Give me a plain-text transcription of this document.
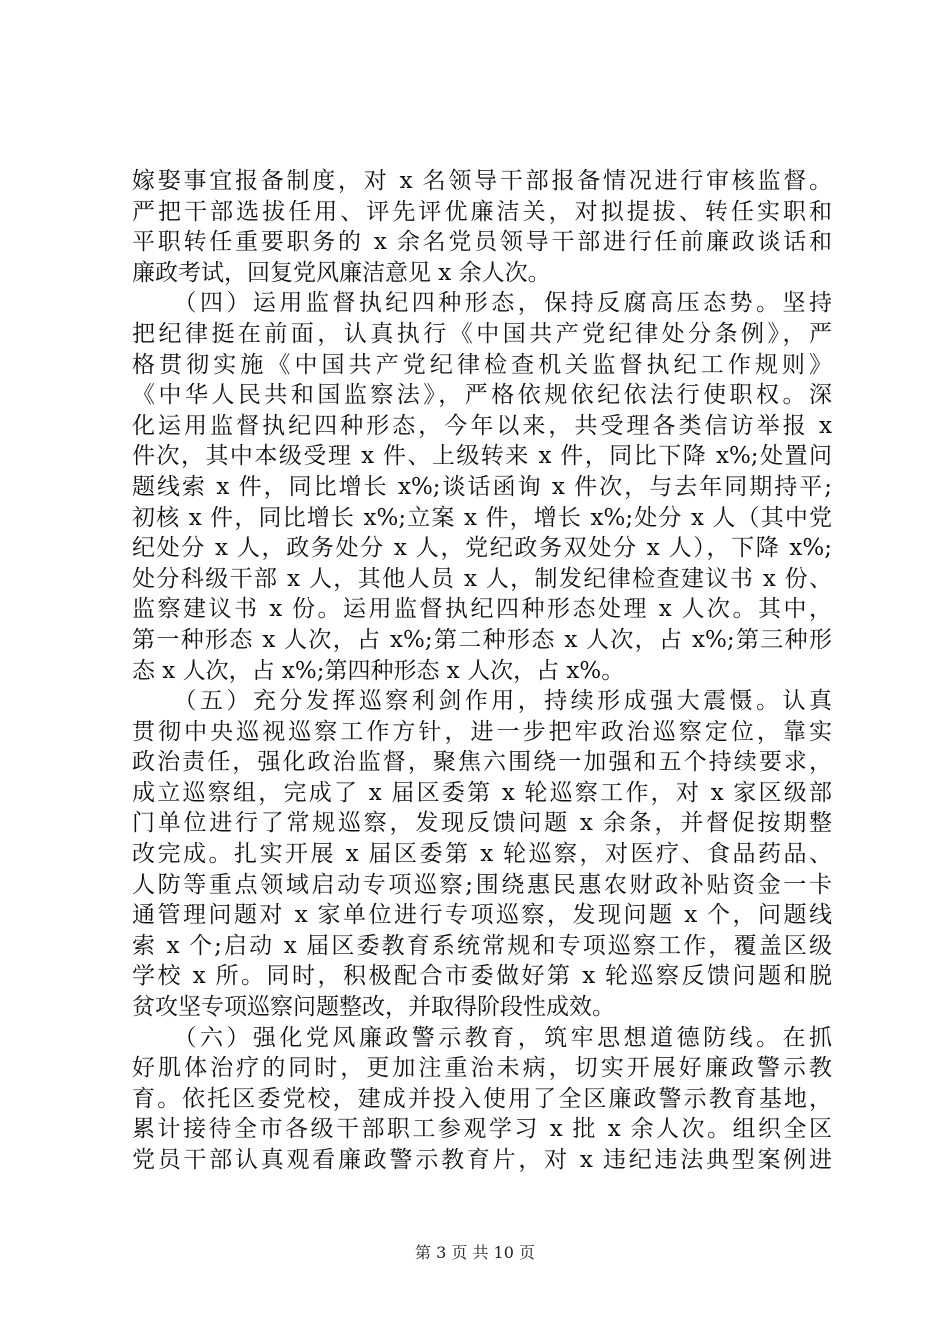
嫁娶事宜报备制度，对 x 名领导干部报备情况进行审核监督。
严把干部选拔任用、评先评优廉洁关，对拟提拔、转任实职和
平职转任重要职务的 x 余名党员领导干部进行任前廉政谈话和
廉政考试，回复党风廉洁意见 x 余人次。
　　（四）运用监督执纪四种形态，保持反腐高压态势。坚持
把纪律挺在前面，认真执行《中国共产党纪律处分条例》，严
格贯彻实施《中国共产党纪律检查机关监督执纪工作规则》
《中华人民共和国监察法》，严格依规依纪依法行使职权。深
化运用监督执纪四种形态，今年以来，共受理各类信访举报 x
件次，其中本级受理 x 件、上级转来 x 件，同比下降 x%;处置问
题线索 x 件，同比增长 x%;谈话函询 x 件次，与去年同期持平;
初核 x 件，同比增长 x%;立案 x 件，增长 x%;处分 x 人（其中党
纪处分 x 人，政务处分 x 人，党纪政务双处分 x 人），下降 x%;
处分科级干部 x 人，其他人员 x 人，制发纪律检查建议书 x 份、
监察建议书 x 份。运用监督执纪四种形态处理 x 人次。其中，
第一种形态 x 人次，占 x%;第二种形态 x 人次，占 x%;第三种形
态 x 人次，占 x%;第四种形态 x 人次，占 x%。
　　（五）充分发挥巡察利剑作用，持续形成强大震慑。认真
贯彻中央巡视巡察工作方针，进一步把牢政治巡察定位，靠实
政治责任，强化政治监督，聚焦六围绕一加强和五个持续要求，
成立巡察组，完成了 x 届区委第 x 轮巡察工作，对 x 家区级部
门单位进行了常规巡察，发现反馈问题 x 余条，并督促按期整
改完成。扎实开展 x 届区委第 x 轮巡察，对医疗、食品药品、
人防等重点领域启动专项巡察;围绕惠民惠农财政补贴资金一卡
通管理问题对 x 家单位进行专项巡察，发现问题 x 个，问题线
索 x 个;启动 x 届区委教育系统常规和专项巡察工作，覆盖区级
学校 x 所。同时，积极配合市委做好第 x 轮巡察反馈问题和脱
贫攻坚专项巡察问题整改，并取得阶段性成效。
　　（六）强化党风廉政警示教育，筑牢思想道德防线。在抓
好肌体治疗的同时，更加注重治未病，切实开展好廉政警示教
育。依托区委党校，建成并投入使用了全区廉政警示教育基地，
累计接待全市各级干部职工参观学习 x 批 x 余人次。组织全区
党员干部认真观看廉政警示教育片，对 x 违纪违法典型案例进
第 3 页 共 10 页
